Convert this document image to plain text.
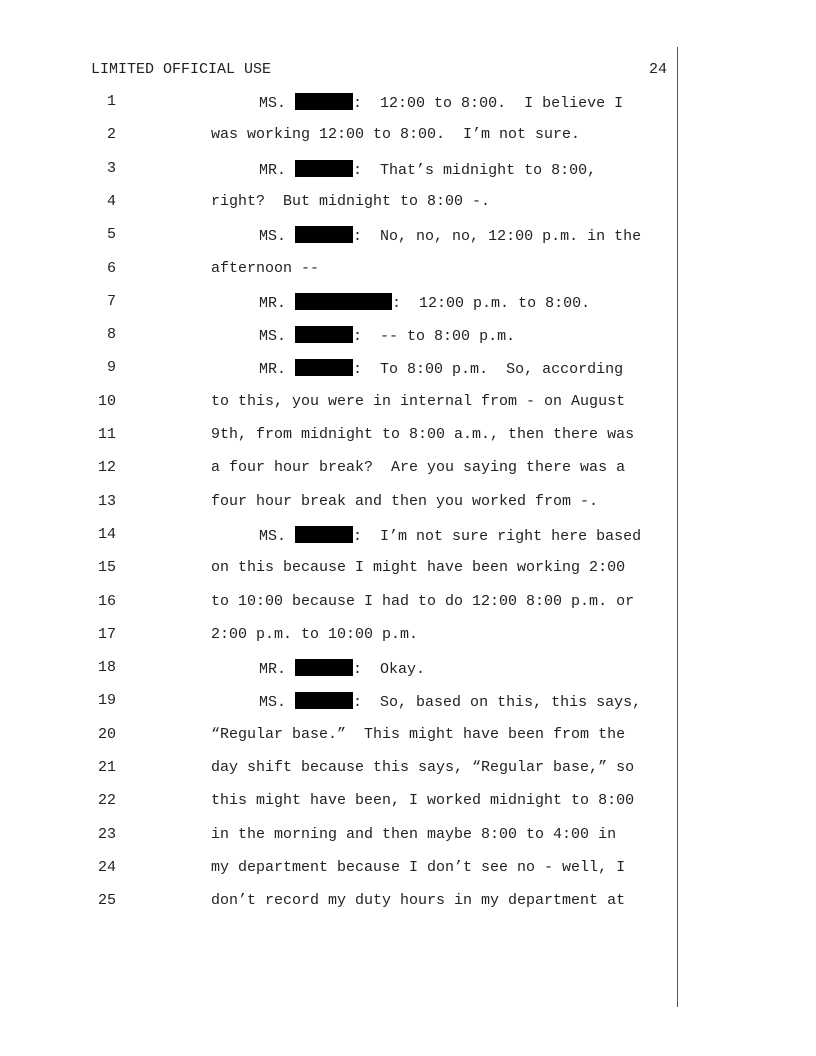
LIMITED OFFICIAL USE	24
1	MS.	:  12:00 to 8:00.  I believe I
2	was working 12:00 to 8:00.  I’m not sure.
3	MR.	:  That’s midnight to 8:00,
4	right?  But midnight to 8:00 -.
5	MS.	:  No, no, no, 12:00 p.m. in the
6	afternoon --
7	MR.	:  12:00 p.m. to 8:00.
8	MS.	:  -- to 8:00 p.m.
9	MR.	:  To 8:00 p.m.  So, according
10	to this, you were in internal from - on August
11	9th, from midnight to 8:00 a.m., then there was
12	a four hour break?  Are you saying there was a
13	four hour break and then you worked from -.
14	MS.	:  I’m not sure right here based
15	on this because I might have been working 2:00
16	to 10:00 because I had to do 12:00 8:00 p.m. or
17	2:00 p.m. to 10:00 p.m.
18	MR.	:  Okay.
19	MS.	:  So, based on this, this says,
20	“Regular base.”  This might have been from the
21	day shift because this says, “Regular base,” so
22	this might have been, I worked midnight to 8:00
23	in the morning and then maybe 8:00 to 4:00 in
24	my department because I don’t see no - well, I
25	don’t record my duty hours in my department at
